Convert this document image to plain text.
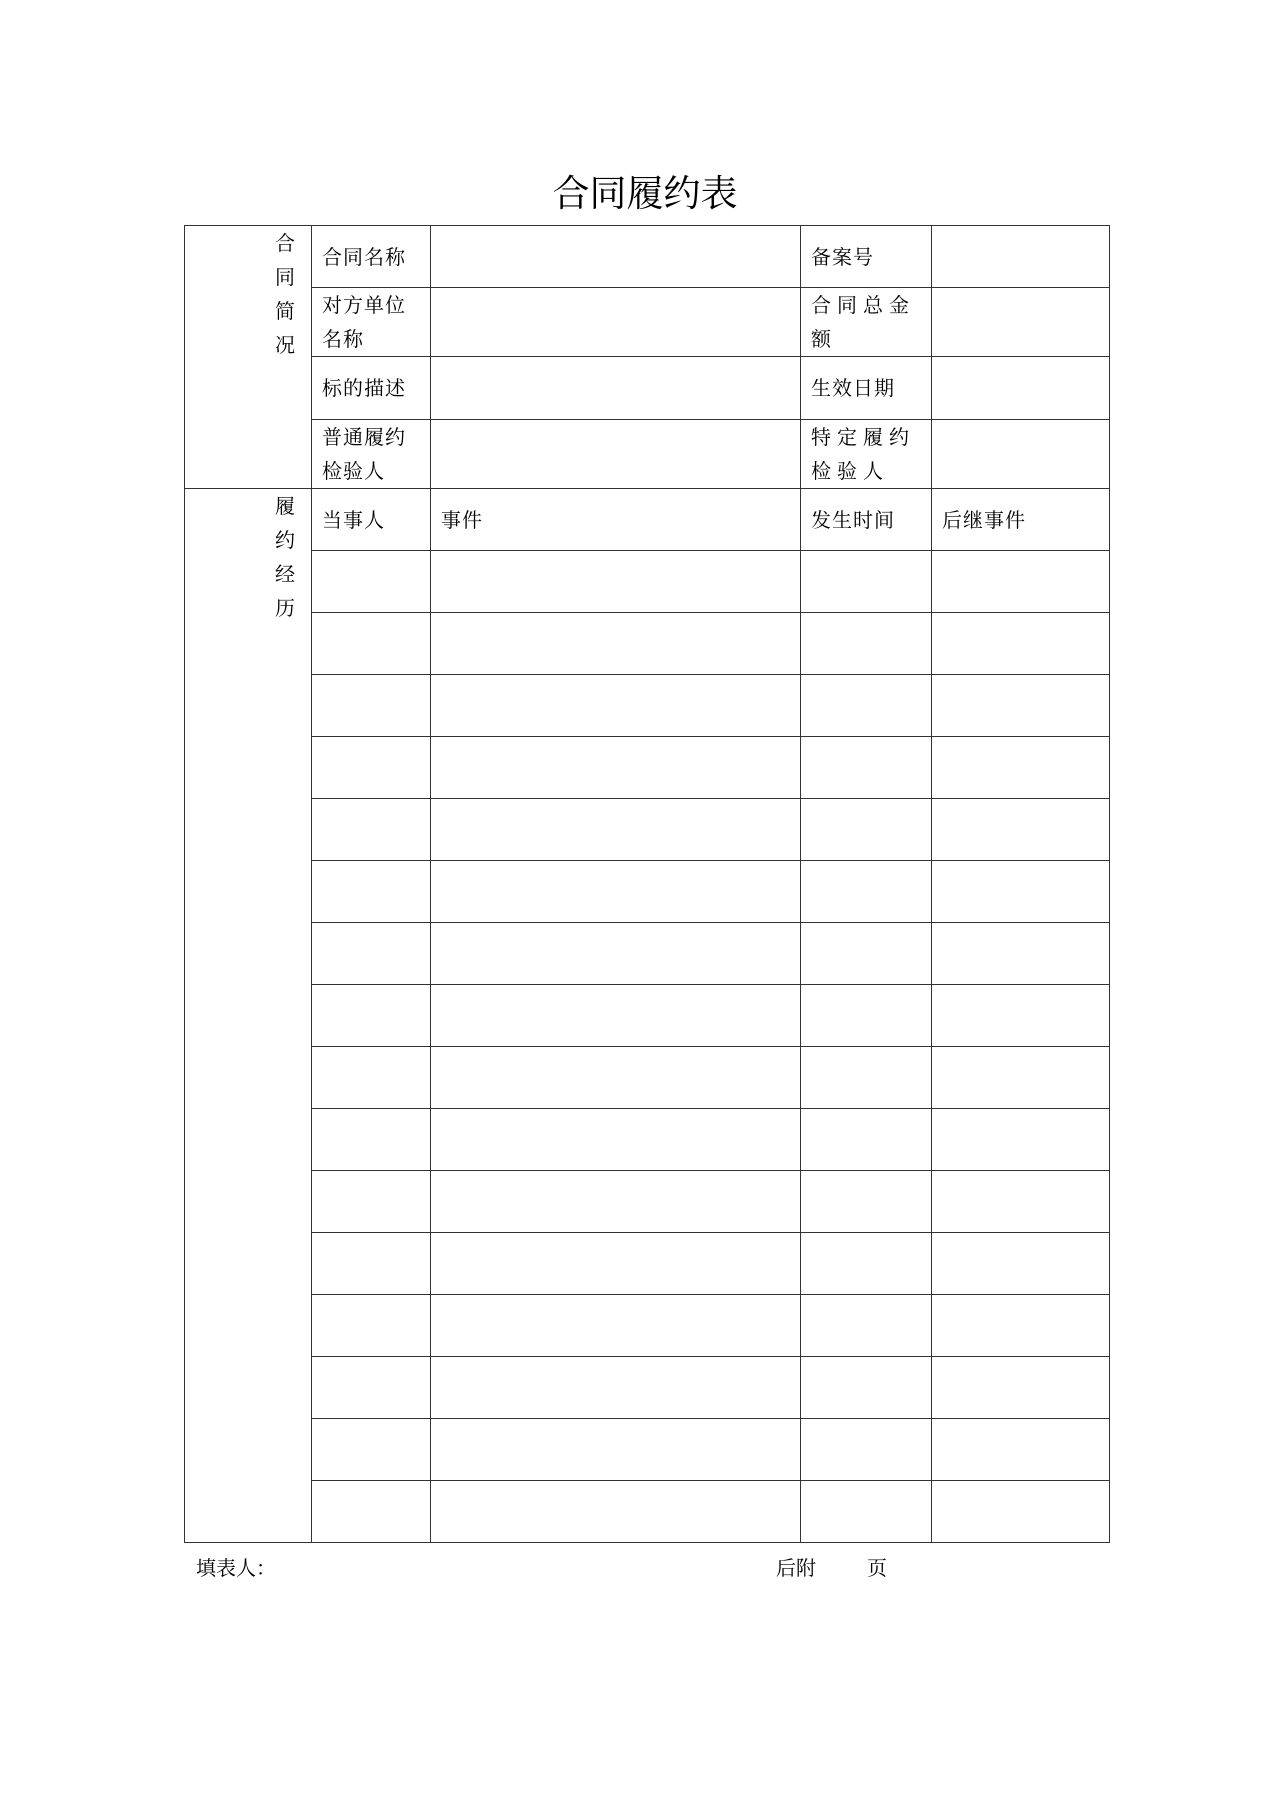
合同履约表
合
同
简
况	合同名称		备案号	
	对方单位名称		合同总金额	
	标的描述		生效日期	
	普通履约检验人		特定履约检验人	

履
约
经
历	当事人	事件	发生时间	后继事件

填表人：	后附	页
